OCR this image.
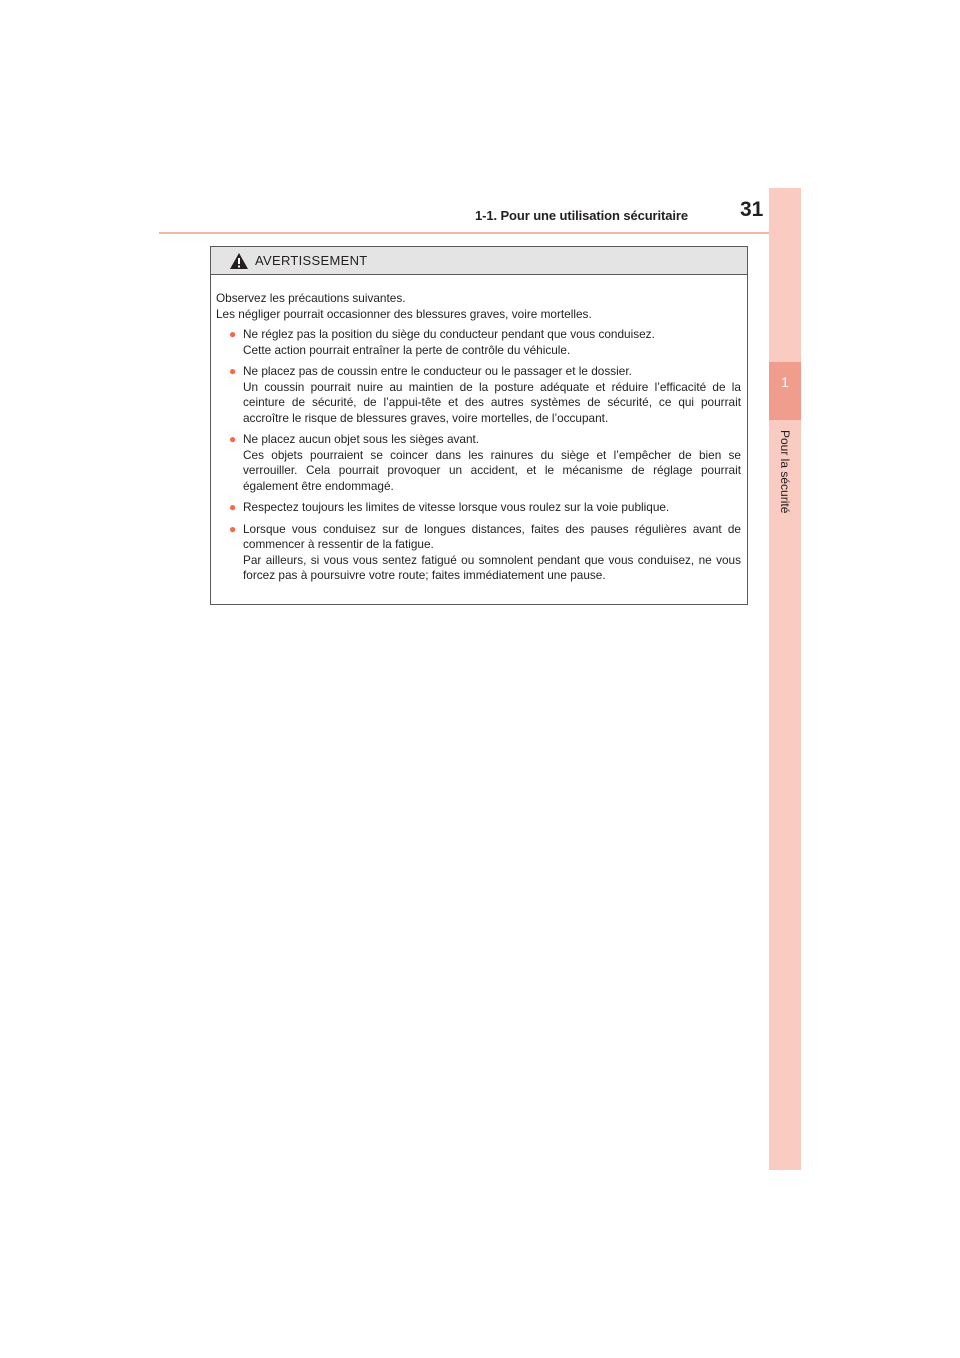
1-1. Pour une utilisation sécuritaire 31
1
Pour la sécurité
AVERTISSEMENT

Observez les précautions suivantes.

Les négliger pourrait occasionner des blessures graves, voire mortelles.

● Ne réglez pas la position du siège du conducteur pendant que vous conduisez.
Cette action pourrait entraîner la perte de contrôle du véhicule.
● Ne placez pas de coussin entre le conducteur ou le passager et le dossier.
Un coussin pourrait nuire au maintien de la posture adéquate et réduire l’efficacité de la ceinture de sécurité, de l’appui-tête et des autres systèmes de sécurité, ce qui pourrait accroître le risque de blessures graves, voire mortelles, de l’occupant.
● Ne placez aucun objet sous les sièges avant.
Ces objets pourraient se coincer dans les rainures du siège et l’empêcher de bien se verrouiller. Cela pourrait provoquer un accident, et le mécanisme de réglage pourrait également être endommagé.
● Respectez toujours les limites de vitesse lorsque vous roulez sur la voie publique.
● Lorsque vous conduisez sur de longues distances, faites des pauses régulières avant de commencer à ressentir de la fatigue.
Par ailleurs, si vous vous sentez fatigué ou somnolent pendant que vous conduisez, ne vous forcez pas à poursuivre votre route; faites immédiatement une pause.
